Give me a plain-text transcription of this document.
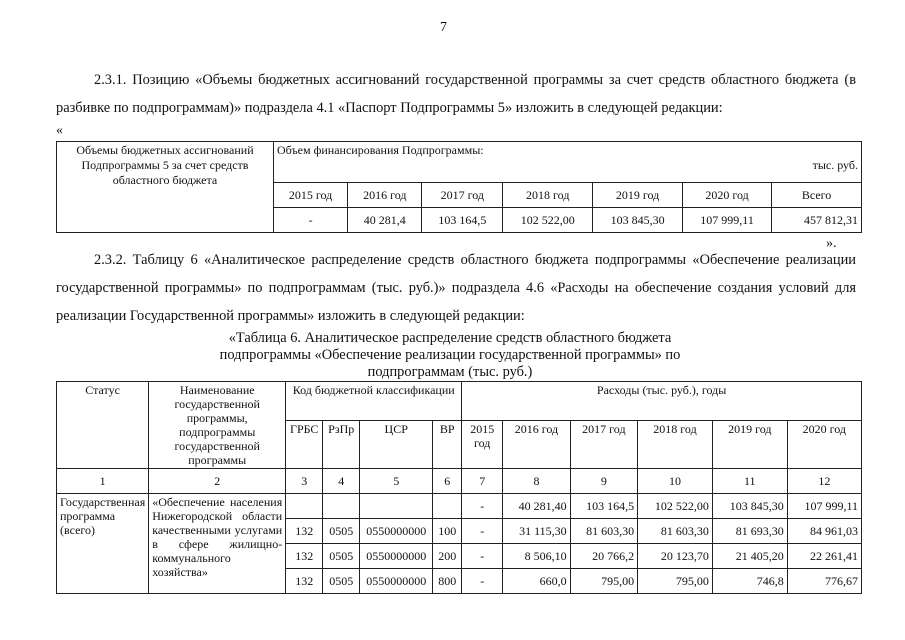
7
2.3.1. Позицию «Объемы бюджетных ассигнований государственной программы за счет средств областного бюджета (в разбивке по подпрограммам)» подраздела 4.1 «Паспорт Подпрограммы 5» изложить в следующей редакции:
«
Объемы бюджетных ассигнований Подпрограммы 5 за счет средств областного бюджета	Объем финансирования Подпрограммы:
тыс. руб.						

	2015 год	2016 год	2017 год	2018 год	2019 год	2020 год	Всего
	-	40 281,4	103 164,5	102 522,00	103 845,30	107 999,11	457 812,31
».
2.3.2. Таблицу 6 «Аналитическое распределение средств областного бюджета подпрограммы «Обеспечение реализации государственной программы» по подпрограммам (тыс. руб.)» подраздела 4.6 «Расходы на обеспечение создания условий для реализации Государственной программы» изложить в следующей редакции:
«Таблица 6. Аналитическое распределение средств областного бюджета подпрограммы «Обеспечение реализации государственной программы» по подпрограммам (тыс. руб.)
Статус	Наименование государственной программы, подпрограммы государственной программы	Код бюджетной классификации				Расходы (тыс. руб.), годы					
		ГРБС	РзПр	ЦСР	ВР	2015 год	2016 год	2017 год	2018 год	2019 год	2020 год
1	2	3	4	5	6	7	8	9	10	11	12
Государственная программа (всего)	«Обеспечение населения Нижегородской области качественными услугами в сфере жилищно-коммунального хозяйства»					-	40 281,40	103 164,5	102 522,00	103 845,30	107 999,11
		132	0505	0550000000	100	-	31 115,30	81 603,30	81 603,30	81 693,30	84 961,03
		132	0505	0550000000	200	-	8 506,10	20 766,2	20 123,70	21 405,20	22 261,41
		132	0505	0550000000	800	-	660,0	795,00	795,00	746,8	776,67
